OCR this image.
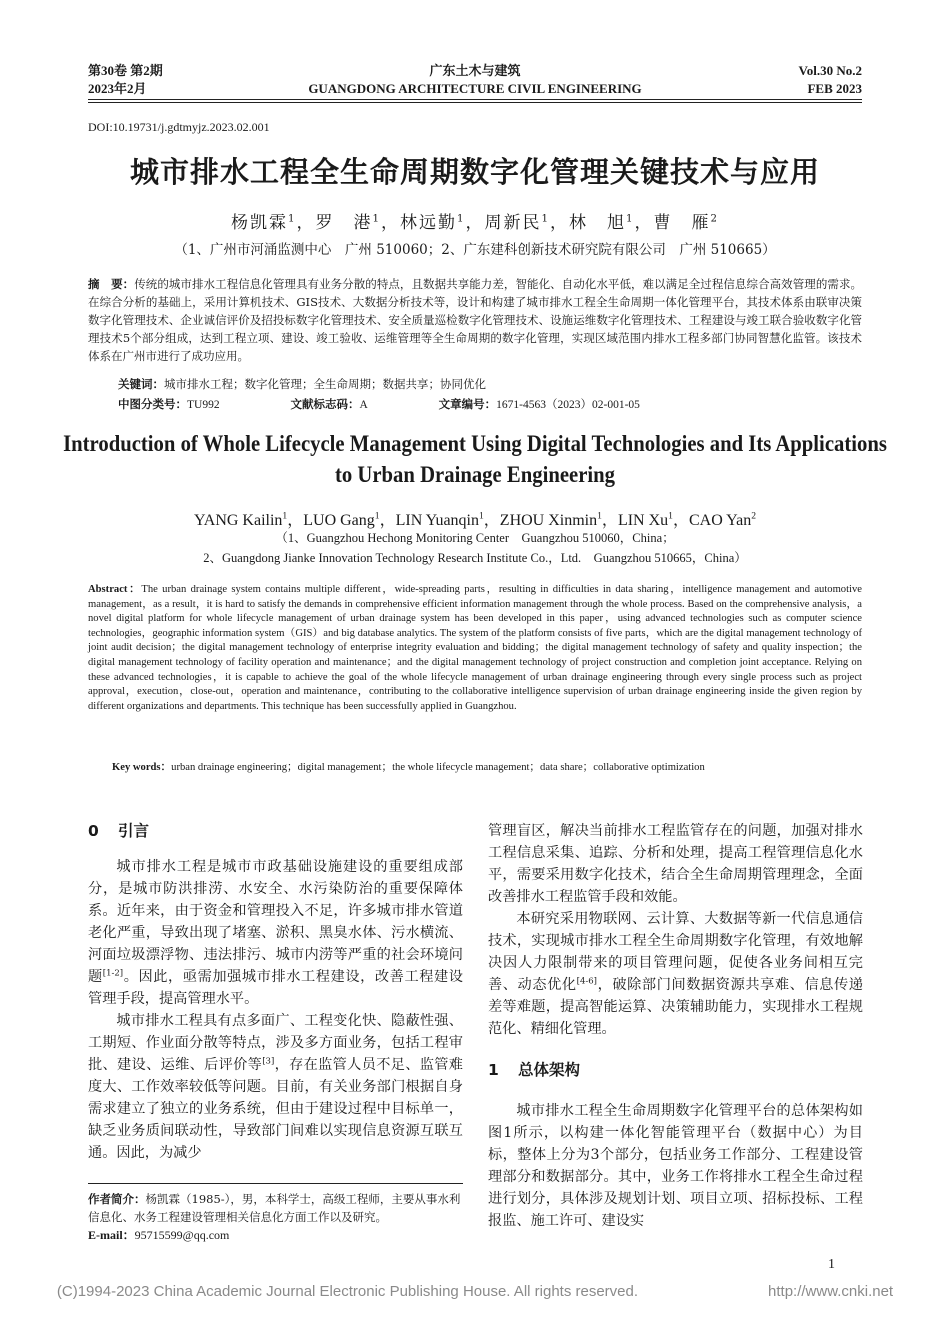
第30卷 第2期
2023年2月
广东土木与建筑
GUANGDONG ARCHITECTURE CIVIL ENGINEERING
Vol.30 No.2
FEB 2023
DOI:10.19731/j.gdtmyjz.2023.02.001
城市排水工程全生命周期数字化管理关键技术与应用
杨凯霖$^1$，罗　港$^1$，林远勤$^1$，周新民$^1$，林　旭$^1$，曹　雁$^2$
（1、广州市河涌监测中心　广州 510060；2、广东建科创新技术研究院有限公司　广州 510665）
摘　要：传统的城市排水工程信息化管理具有业务分散的特点，且数据共享能力差，智能化、自动化水平低，难以满足全过程信息综合高效管理的需求。在综合分析的基础上，采用计算机技术、GIS技术、大数据分析技术等，设计和构建了城市排水工程全生命周期一体化管理平台，其技术体系由联审决策数字化管理技术、企业诚信评价及招投标数字化管理技术、安全质量巡检数字化管理技术、设施运维数字化管理技术、工程建设与竣工联合验收数字化管理技术5个部分组成，达到工程立项、建设、竣工验收、运维管理等全生命周期的数字化管理，实现区域范围内排水工程多部门协同智慧化监管。该技术体系在广州市进行了成功应用。
关键词：城市排水工程；数字化管理；全生命周期；数据共享；协同优化
中图分类号：TU992	文献标志码：A	文章编号：1671-4563（2023）02-001-05
Introduction of Whole Lifecycle Management Using Digital Technologies and Its Applications
to Urban Drainage Engineering
YANG Kailin$^1$，LUO Gang$^1$，LIN Yuanqin$^1$，ZHOU Xinmin$^1$，LIN Xu$^1$，CAO Yan$^2$
（1、Guangzhou Hechong Monitoring Center　Guangzhou 510060，China；
2、Guangdong Jianke Innovation Technology Research Institute Co.，Ltd.　Guangzhou 510665，China）
Abstract：The urban drainage system contains multiple different，wide-spreading parts，resulting in difficulties in data sharing，intelligence management and automotive management，as a result，it is hard to satisfy the demands in comprehensive efficient information management through the whole process. Based on the comprehensive analysis，a novel digital platform for whole lifecycle management of urban drainage system has been developed in this paper，using advanced technologies such as computer science technologies，geographic information system（GIS）and big database analytics. The system of the platform consists of five parts，which are the digital management technology of joint audit decision；the digital management technology of enterprise integrity evaluation and bidding；the digital management technology of safety and quality inspection；the digital management technology of facility operation and maintenance；and the digital management technology of project construction and completion joint acceptance. Relying on these advanced technologies，it is capable to achieve the goal of the whole lifecycle management of urban drainage engineering through every single process such as project approval，execution，close-out，operation and maintenance，contributing to the collaborative intelligence supervision of urban drainage engineering inside the given region by different organizations and departments. This technique has been successfully applied in Guangzhou.
Key words：urban drainage engineering；digital management；the whole lifecycle management；data share；collaborative optimization
0 引言

城市排水工程是城市市政基础设施建设的重要组成部分，是城市防洪排涝、水安全、水污染防治的重要保障体系。近年来，由于资金和管理投入不足，许多城市排水管道老化严重，导致出现了堵塞、淤积、黑臭水体、污水横流、河面垃圾漂浮物、违法排污、城市内涝等严重的社会环境问题[1-2]。因此，亟需加强城市排水工程建设，改善工程建设管理手段，提高管理水平。

城市排水工程具有点多面广、工程变化快、隐蔽性强、工期短、作业面分散等特点，涉及多方面业务，包括工程审批、建设、运维、后评价等[3]，存在监管人员不足、监管难度大、工作效率较低等问题。目前，有关业务部门根据自身需求建立了独立的业务系统，但由于建设过程中目标单一，缺乏业务质间联动性，导致部门间难以实现信息资源互联互通。因此，为减少

管理盲区，解决当前排水工程监管存在的问题，加强对排水工程信息采集、追踪、分析和处理，提高工程管理信息化水平，需要采用数字化技术，结合全生命周期管理理念，全面改善排水工程监管手段和效能。

本研究采用物联网、云计算、大数据等新一代信息通信技术，实现城市排水工程全生命周期数字化管理，有效地解决因人力限制带来的项目管理问题，促使各业务间相互完善、动态优化[4-6]，破除部门间数据资源共享难、信息传递差等难题，提高智能运算、决策辅助能力，实现排水工程规范化、精细化管理。

1 总体架构

城市排水工程全生命周期数字化管理平台的总体架构如图1所示，以构建一体化智能管理平台（数据中心）为目标，整体上分为3个部分，包括业务工作部分、工程建设管理部分和数据部分。其中，业务工作将排水工程全生命过程进行划分，具体涉及规划计划、项目立项、招标投标、工程报监、施工许可、建设实

作者简介：杨凯霖（1985-），男，本科学士，高级工程师，主要从事水利信息化、水务工程建设管理相关信息化方面工作以及研究。
E-mail：95715599@qq.com
1
(C)1994-2023 China Academic Journal Electronic Publishing House. All rights reserved.	http://www.cnki.net
